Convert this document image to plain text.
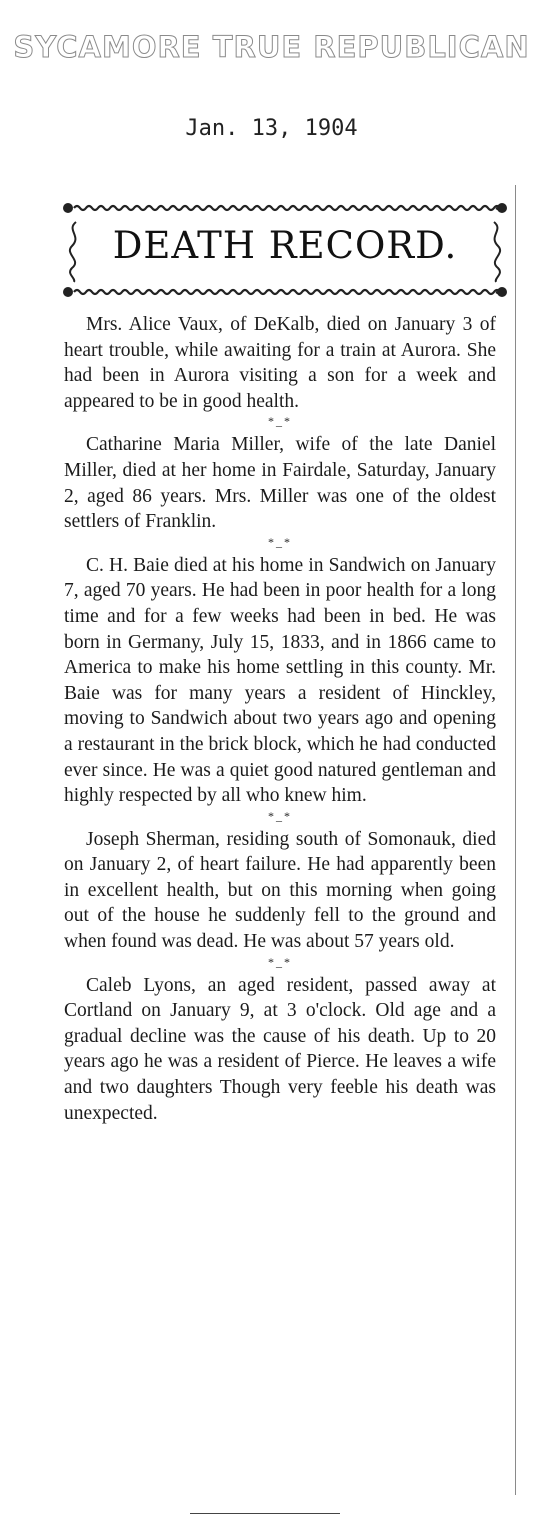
SYCAMORE TRUE REPUBLICAN
Jan. 13, 1904
DEATH RECORD.

Mrs. Alice Vaux, of DeKalb, died on January 3 of heart trouble, while awaiting for a train at Aurora. She had been in Aurora visiting a son for a week and appeared to be in good health.

*_*

Catharine Maria Miller, wife of the late Daniel Miller, died at her home in Fairdale, Saturday, January 2, aged 86 years. Mrs. Miller was one of the oldest settlers of Franklin.

*_*

C. H. Baie died at his home in Sandwich on January 7, aged 70 years. He had been in poor health for a long time and for a few weeks had been in bed. He was born in Germany, July 15, 1833, and in 1866 came to America to make his home settling in this county. Mr. Baie was for many years a resident of Hinckley, moving to Sandwich about two years ago and opening a restaurant in the brick block, which he had conducted ever since. He was a quiet good natured gentleman and highly respected by all who knew him.

*_*

Joseph Sherman, residing south of Somonauk, died on January 2, of heart failure. He had apparently been in excellent health, but on this morning when going out of the house he suddenly fell to the ground and when found was dead. He was about 57 years old.

*_*

Caleb Lyons, an aged resident, passed away at Cortland on January 9, at 3 o'clock. Old age and a gradual decline was the cause of his death. Up to 20 years ago he was a resident of Pierce. He leaves a wife and two daughters Though very feeble his death was unexpected.
